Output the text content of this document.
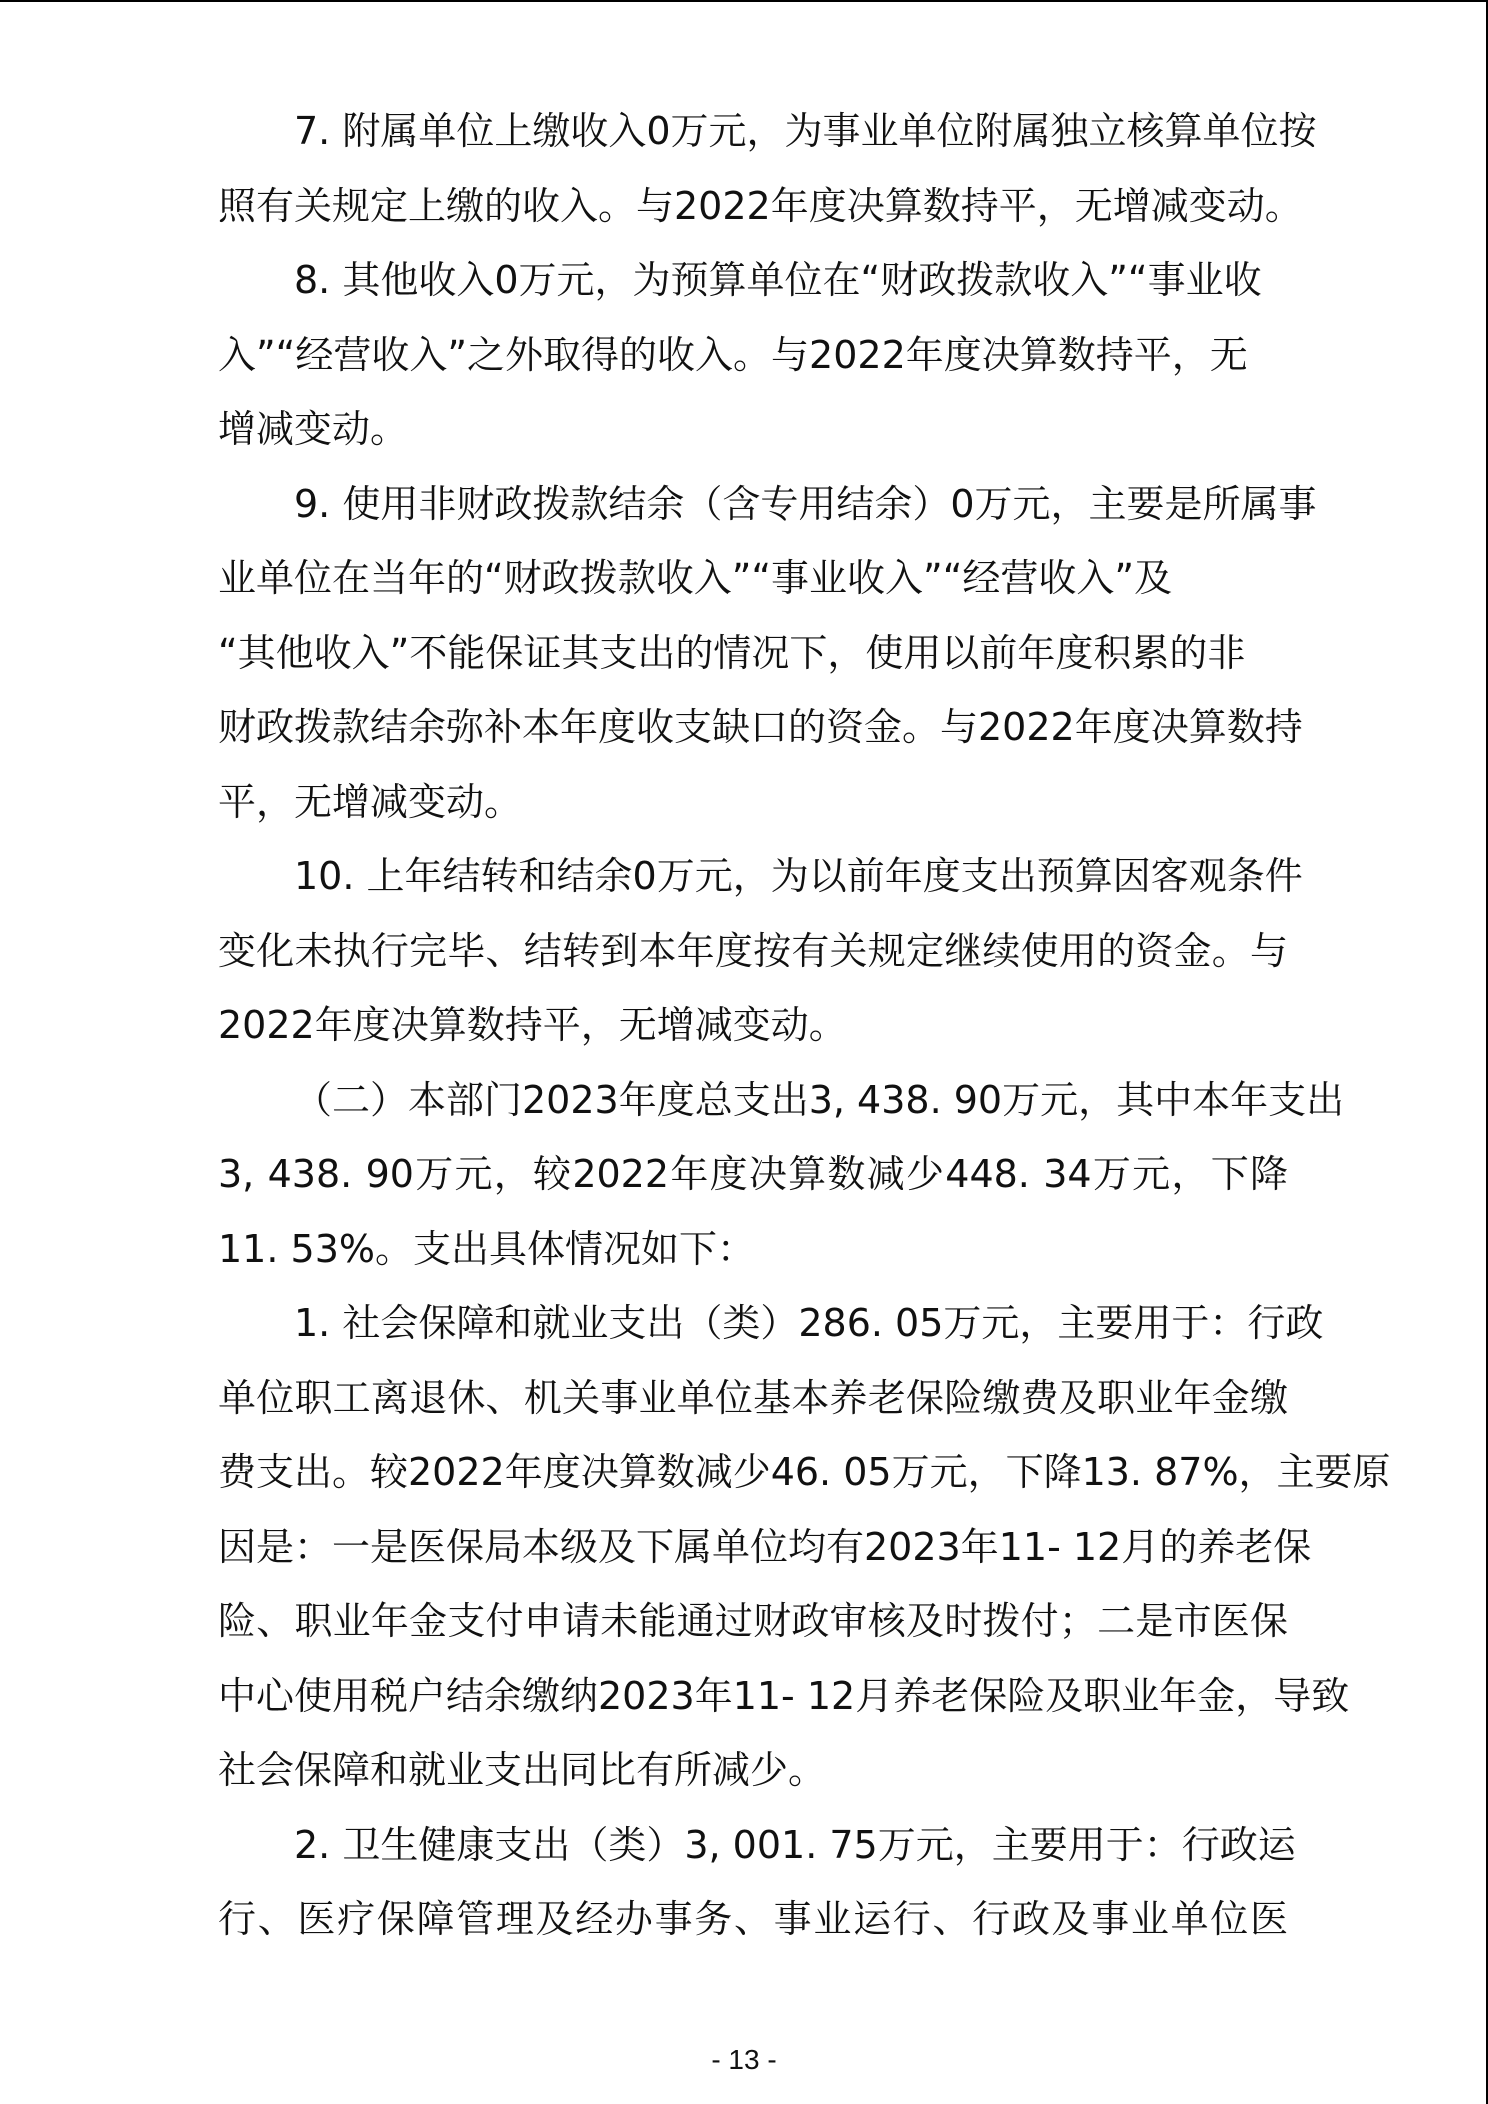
7. 附属单位上缴收入0万元，为事业单位附属独立核算单位按
照有关规定上缴的收入。与2022年度决算数持平，无增减变动。
8. 其他收入0万元，为预算单位在“财政拨款收入”“事业收
入”“经营收入”之外取得的收入。与2022年度决算数持平，无
增减变动。
9. 使用非财政拨款结余（含专用结余）0万元，主要是所属事
业单位在当年的“财政拨款收入”“事业收入”“经营收入”及
“其他收入”不能保证其支出的情况下，使用以前年度积累的非
财政拨款结余弥补本年度收支缺口的资金。与2022年度决算数持
平，无增减变动。
10. 上年结转和结余0万元，为以前年度支出预算因客观条件
变化未执行完毕、结转到本年度按有关规定继续使用的资金。与
2022年度决算数持平，无增减变动。
（二）本部门2023年度总支出3, 438. 90万元，其中本年支出
3, 438. 90万元，较2022年度决算数减少448. 34万元，下降
11. 53%。支出具体情况如下：
1. 社会保障和就业支出（类）286. 05万元，主要用于：行政
单位职工离退休、机关事业单位基本养老保险缴费及职业年金缴
费支出。较2022年度决算数减少46. 05万元，下降13. 87%，主要原
因是：一是医保局本级及下属单位均有2023年11- 12月的养老保
险、职业年金支付申请未能通过财政审核及时拨付；二是市医保
中心使用税户结余缴纳2023年11- 12月养老保险及职业年金，导致
社会保障和就业支出同比有所减少。
2. 卫生健康支出（类）3, 001. 75万元，主要用于：行政运
行、医疗保障管理及经办事务、事业运行、行政及事业单位医
- 13 -
